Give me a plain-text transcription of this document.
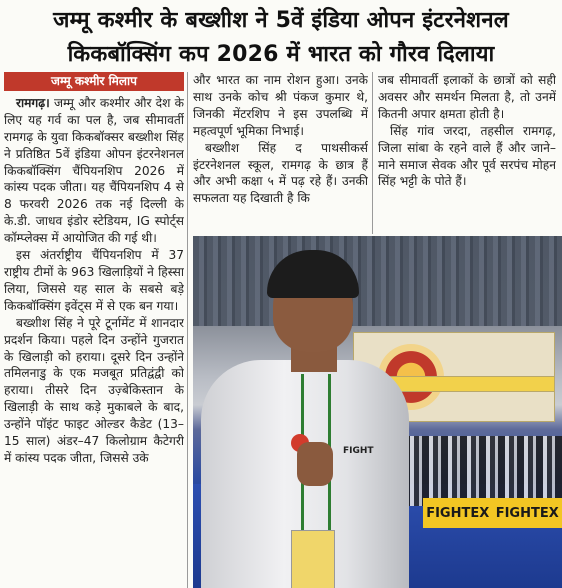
जम्मू कश्मीर के बख्शीश ने 5वें इंडिया ओपन इंटरनेशनल
किकबॉक्सिंग कप 2026 में भारत को गौरव दिलाया
जम्मू कश्मीर मिलाप

रामगढ़। जम्मू और कश्मीर और देश के लिए यह गर्व का पल है, जब सीमावर्ती रामगढ़ के युवा किकबॉक्सर बख्शीश सिंह ने प्रतिष्ठित 5वें इंडिया ओपन इंटरनेशनल किकबॉक्सिंग चैंपियनशिप 2026 में कांस्य पदक जीता। यह चैंपियनशिप 4 से 8 फरवरी 2026 तक नई दिल्ली के के.डी. जाधव इंडोर स्टेडियम, IG स्पोर्ट्स कॉम्प्लेक्स में आयोजित की गई थी।

इस अंतर्राष्ट्रीय चैंपियनशिप में 37 राष्ट्रीय टीमों के 963 खिलाड़ियों ने हिस्सा लिया, जिससे यह साल के सबसे बड़े किकबॉक्सिंग इवेंट्स में से एक बन गया।

बख्शीश सिंह ने पूरे टूर्नामेंट में शानदार प्रदर्शन किया। पहले दिन उन्होंने गुजरात के खिलाड़ी को हराया। दूसरे दिन उन्होंने तमिलनाडु के एक मजबूत प्रतिद्वंद्वी को हराया। तीसरे दिन उज़्बेकिस्तान के खिलाड़ी के साथ कड़े मुकाबले के बाद, उन्होंने पॉइंट फाइट ओल्डर कैडेट (13–15 साल) अंडर–47 किलोग्राम कैटेगरी में कांस्य पदक जीता, जिससे उके

और भारत का नाम रोशन हुआ। उनके साथ उनके कोच श्री पंकज कुमार थे, जिनकी मेंटरशिप ने इस उपलब्धि में महत्वपूर्ण भूमिका निभाई।

बख्शीश सिंह द पाथसीकर्स इंटरनेशनल स्कूल, रामगढ़ के छात्र हैं और अभी कक्षा ५ में पढ़ रहे हैं। उनकी सफलता यह दिखाती है कि

जब सीमावर्ती इलाकों के छात्रों को सही अवसर और समर्थन मिलता है, तो उनमें कितनी अपार क्षमता होती है।

सिंह गांव जरदा, तहसील रामगढ़, जिला सांबा के रहने वाले हैं और जाने–माने समाज सेवक और पूर्व सरपंच मोहन सिंह भट्टी के पोते हैं।

FIGHTEX FIGHTEX
FIGHT
